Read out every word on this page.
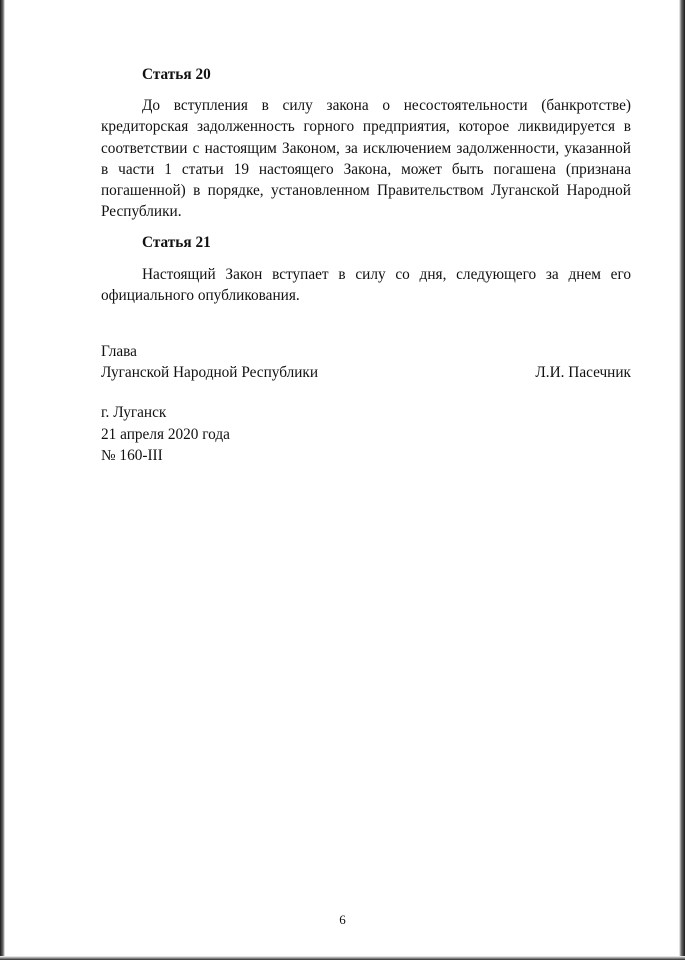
Статья 20

До вступления в силу закона о несостоятельности (банкротстве) кредиторская задолженность горного предприятия, которое ликвидируется в соответствии с настоящим Законом, за исключением задолженности, указанной в части 1 статьи 19 настоящего Закона, может быть погашена (признана погашенной) в порядке, установленном Правительством Луганской Народной Республики.

Статья 21

Настоящий Закон вступает в силу со дня, следующего за днем его официального опубликования.

Глава
Луганской Народной Республики	Л.И. Пасечник
г. Луганск
21 апреля 2020 года
№ 160-III
6
